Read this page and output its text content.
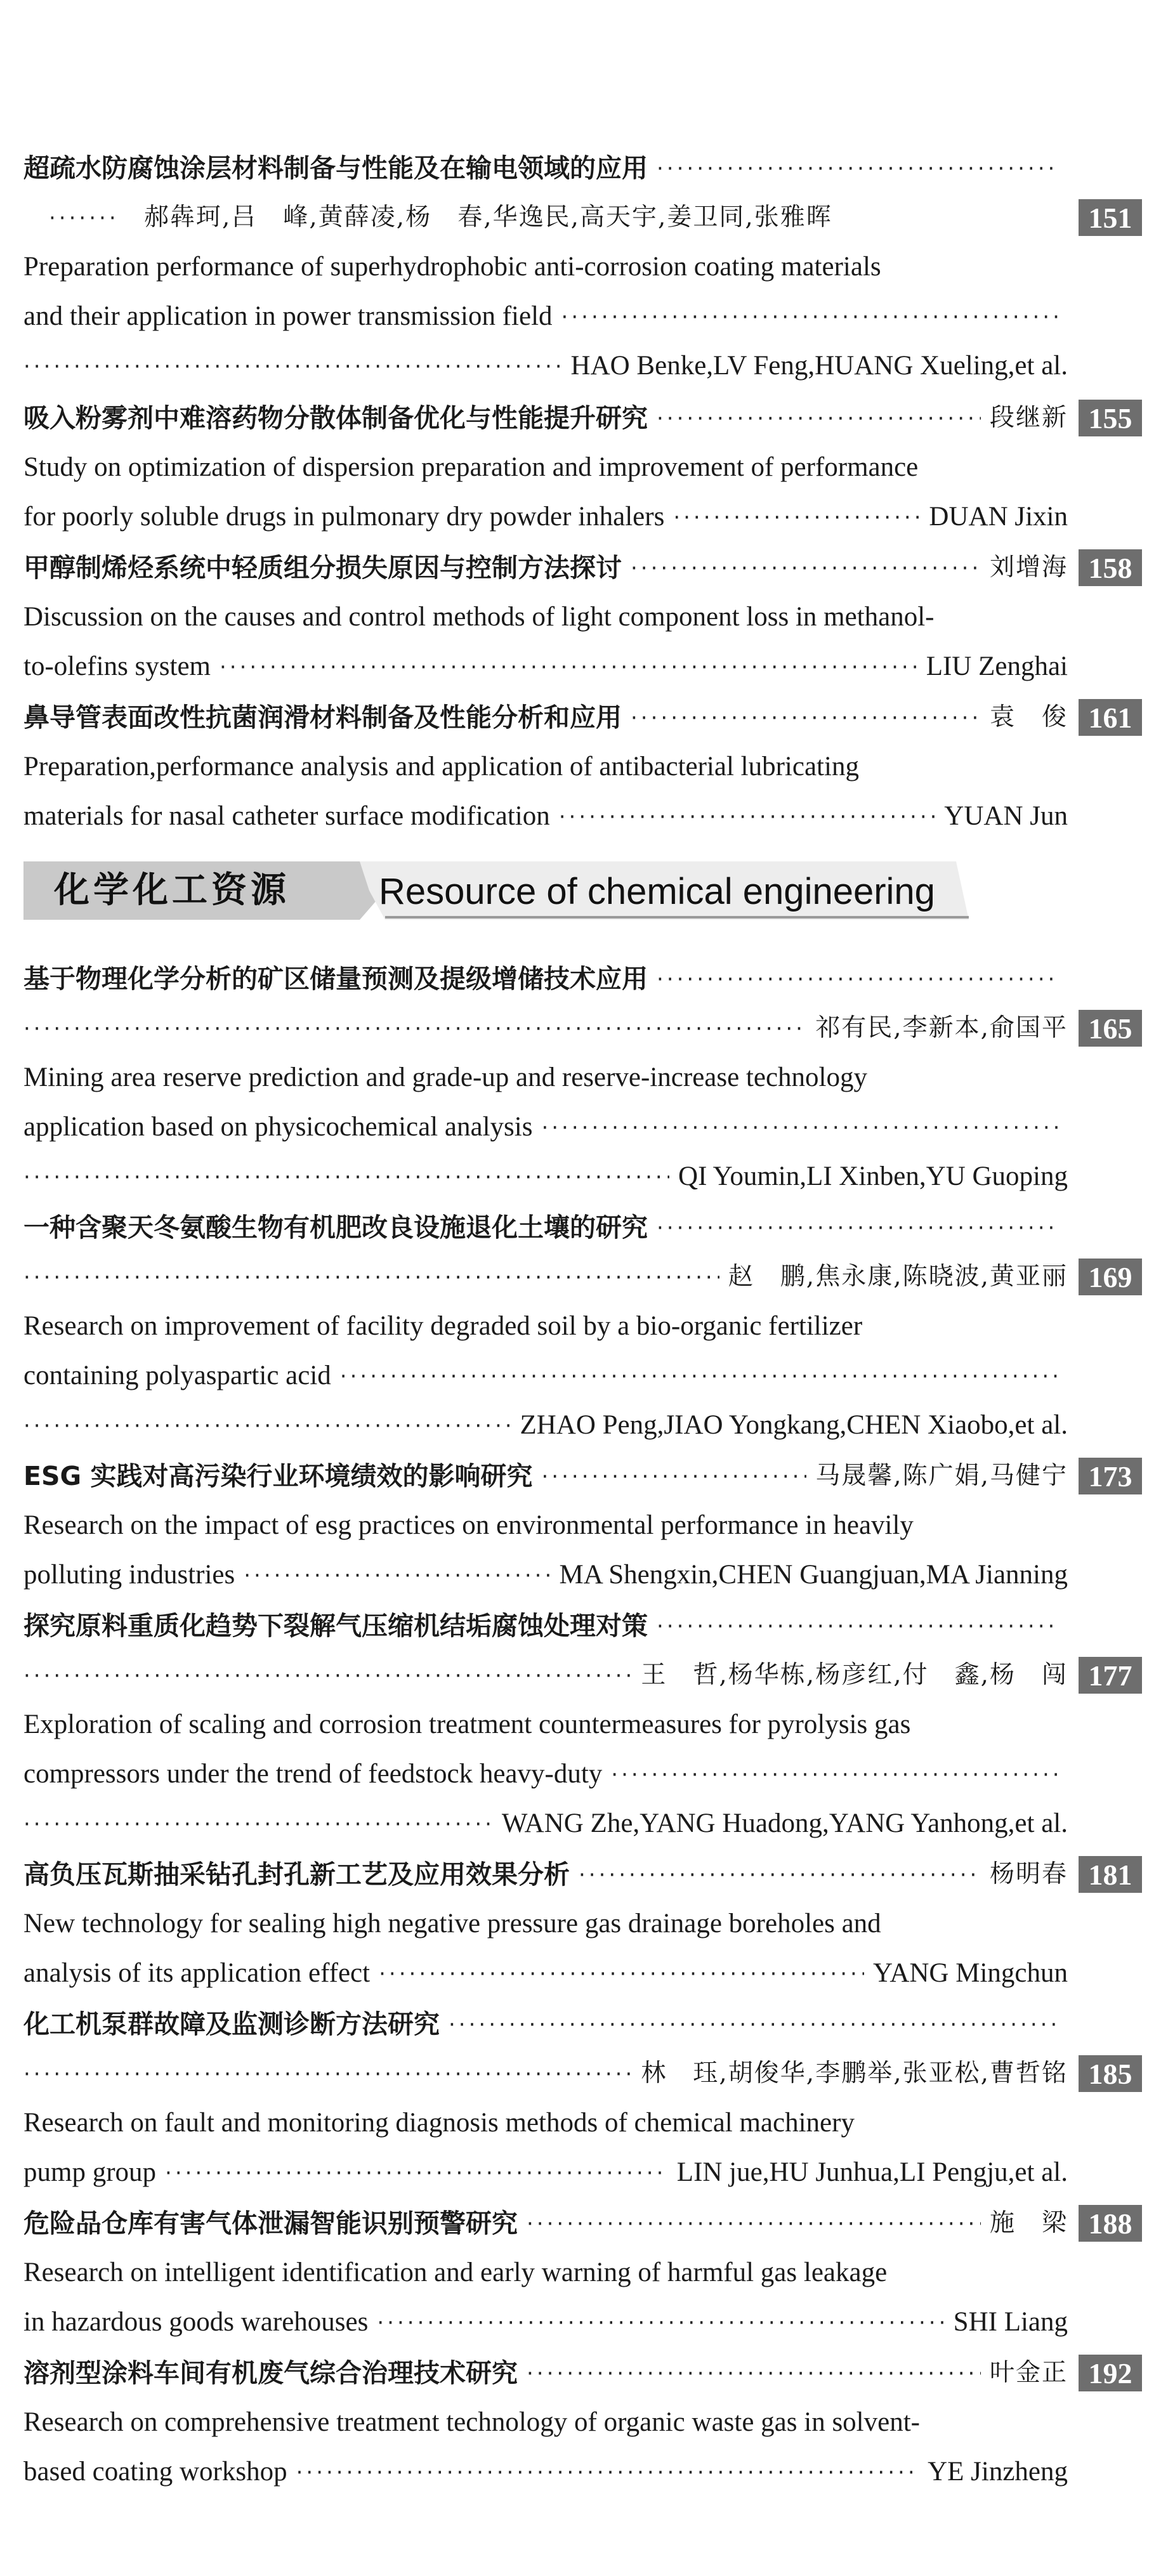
超疏水防腐蚀涂层材料制备与性能及在输电领域的应用
·····
·····
郝犇珂,吕　峰,黄薛凌,杨　春,华逸民,高天宇,姜卫同,张雅晖	151
Preparation performance of superhydrophobic anti-corrosion coating materials
and their application in power transmission field
·····
·····
HAO Benke,LV Feng,HUANG Xueling,et al.
吸入粉雾剂中难溶药物分散体制备优化与性能提升研究 ·····	段继新 155
Study on optimization of dispersion preparation and improvement of performance
for poorly soluble drugs in pulmonary dry powder inhalers ·····	DUAN Jixin
甲醇制烯烃系统中轻质组分损失原因与控制方法探讨 ·····	刘增海 158
Discussion on the causes and control methods of light component loss in methanol-
to-olefins system ·····	LIU Zenghai
鼻导管表面改性抗菌润滑材料制备及性能分析和应用 ·····	袁　俊 161
Preparation,performance analysis and application of antibacterial lubricating
materials for nasal catheter surface modification ·····	YUAN Jun
化学化工资源 Resource of chemical engineering
基于物理化学分析的矿区储量预测及提级增储技术应用
·····
·····
祁有民,李新本,俞国平 165
Mining area reserve prediction and grade-up and reserve-increase technology
application based on physicochemical analysis
·····
·····
QI Youmin,LI Xinben,YU Guoping
一种含聚天冬氨酸生物有机肥改良设施退化土壤的研究
·····
·····
赵　鹏,焦永康,陈晓波,黄亚丽 169
Research on improvement of facility degraded soil by a bio-organic fertilizer
containing polyaspartic acid
·····
·····
ZHAO Peng,JIAO Yongkang,CHEN Xiaobo,et al.
ESG 实践对高污染行业环境绩效的影响研究 ·····	马晟馨,陈广娟,马健宁 173
Research on the impact of esg practices on environmental performance in heavily
polluting industries ·····	MA Shengxin,CHEN Guangjuan,MA Jianning
探究原料重质化趋势下裂解气压缩机结垢腐蚀处理对策
·····
·····
王　哲,杨华栋,杨彦红,付　鑫,杨　闯 177
Exploration of scaling and corrosion treatment countermeasures for pyrolysis gas
compressors under the trend of feedstock heavy-duty
·····
·····
WANG Zhe,YANG Huadong,YANG Yanhong,et al.
高负压瓦斯抽采钻孔封孔新工艺及应用效果分析 ·····	杨明春 181
New technology for sealing high negative pressure gas drainage boreholes and
analysis of its application effect ·····	YANG Mingchun
化工机泵群故障及监测诊断方法研究
·····
·····
林　珏,胡俊华,李鹏举,张亚松,曹哲铭 185
Research on fault and monitoring diagnosis methods of chemical machinery
pump group ·····	LIN jue,HU Junhua,LI Pengju,et al.
危险品仓库有害气体泄漏智能识别预警研究 ·····	施　梁 188
Research on intelligent identification and early warning of harmful gas leakage
in hazardous goods warehouses ·····	SHI Liang
溶剂型涂料车间有机废气综合治理技术研究 ·····	叶金正 192
Research on comprehensive treatment technology of organic waste gas in solvent-
based coating workshop ·····	YE Jinzheng
